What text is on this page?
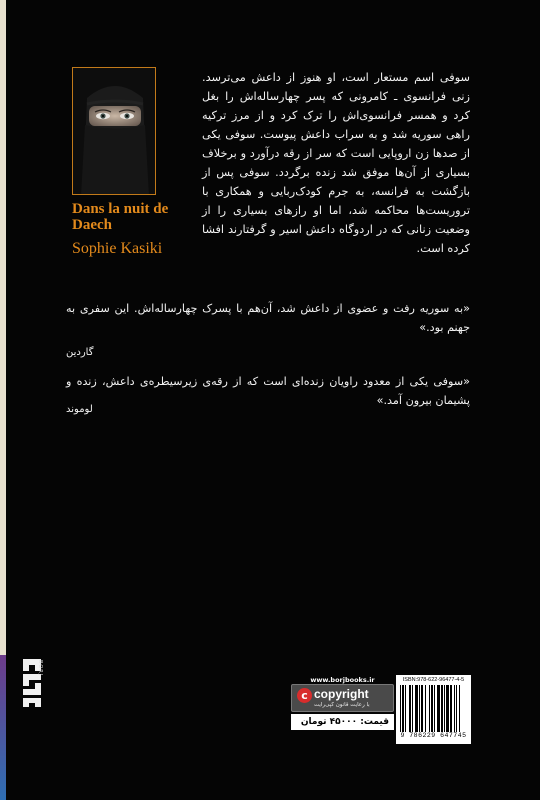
Dans la nuit de Daech
Sophie Kasiki

سوفی اسم مستعار است، او هنوز از داعش می‌ترسد. زنی فرانسوی ـ کامرونی که پسر چهارساله‌اش را بغل کرد و همسر فرانسوی‌اش را ترک کرد و از مرز ترکیه راهی سوریه شد و به سراب داعش پیوست. سوفی یکی از صدها زن اروپایی است که سر از رقه درآورد و برخلاف بسیاری از آن‌ها موفق شد زنده برگردد. سوفی پس از بازگشت به فرانسه، به جرم کودک‌ربایی و همکاری با تروریست‌ها محاکمه شد، اما او رازهای بسیاری را از وضعیت زنانی که در اردوگاه داعش اسیر و گرفتارند افشا کرده است.

«به سوریه رفت و عضوی از داعش شد، آن‌هم با پسرک چهارساله‌اش. این سفری به جهنم بود.»
گاردین
«سوفی یکی از معدود راویان زنده‌ای است که از رقه‌ی زیرسیطره‌ی داعش، زنده و پشیمان بیرون آمد.»
لوموند
BORJ
www.borjbooks.ir
c copyright
با رعایت قانون کپی‌رایت
قیمت: ۴۵۰۰۰ تومان
ISBN:978-622-96477-4-5
9 786229 647745
